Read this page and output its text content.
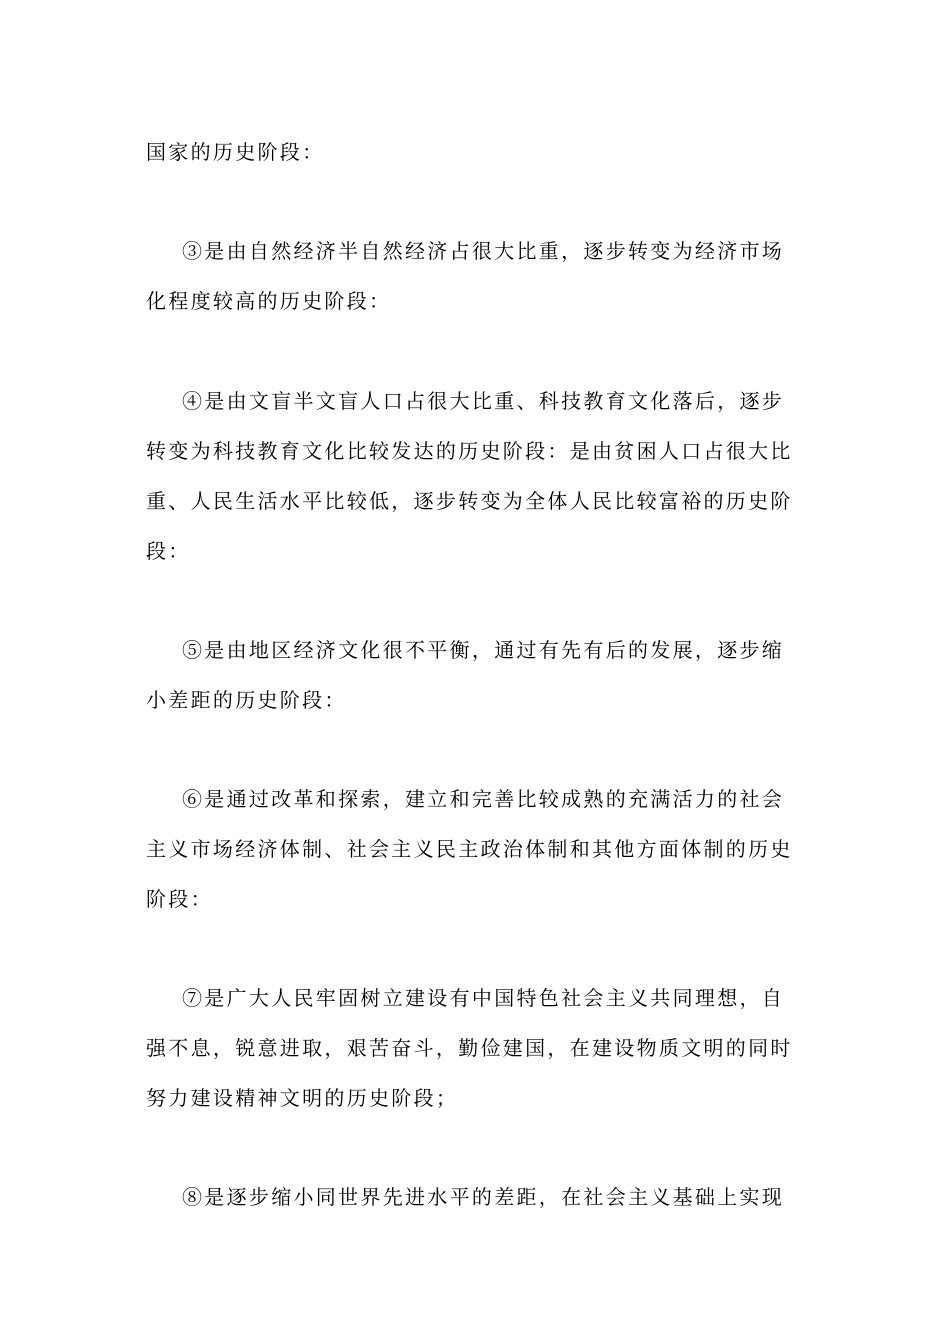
国家的历史阶段：
③是由自然经济半自然经济占很大比重，逐步转变为经济市场
化程度较高的历史阶段：
④是由文盲半文盲人口占很大比重、科技教育文化落后，逐步
转变为科技教育文化比较发达的历史阶段：是由贫困人口占很大比
重、人民生活水平比较低，逐步转变为全体人民比较富裕的历史阶
段：
⑤是由地区经济文化很不平衡，通过有先有后的发展，逐步缩
小差距的历史阶段：
⑥是通过改革和探索，建立和完善比较成熟的充满活力的社会
主义市场经济体制、社会主义民主政治体制和其他方面体制的历史
阶段：
⑦是广大人民牢固树立建设有中国特色社会主义共同理想，自
强不息，锐意进取，艰苦奋斗，勤俭建国，在建设物质文明的同时
努力建设精神文明的历史阶段；
⑧是逐步缩小同世界先进水平的差距，在社会主义基础上实现
